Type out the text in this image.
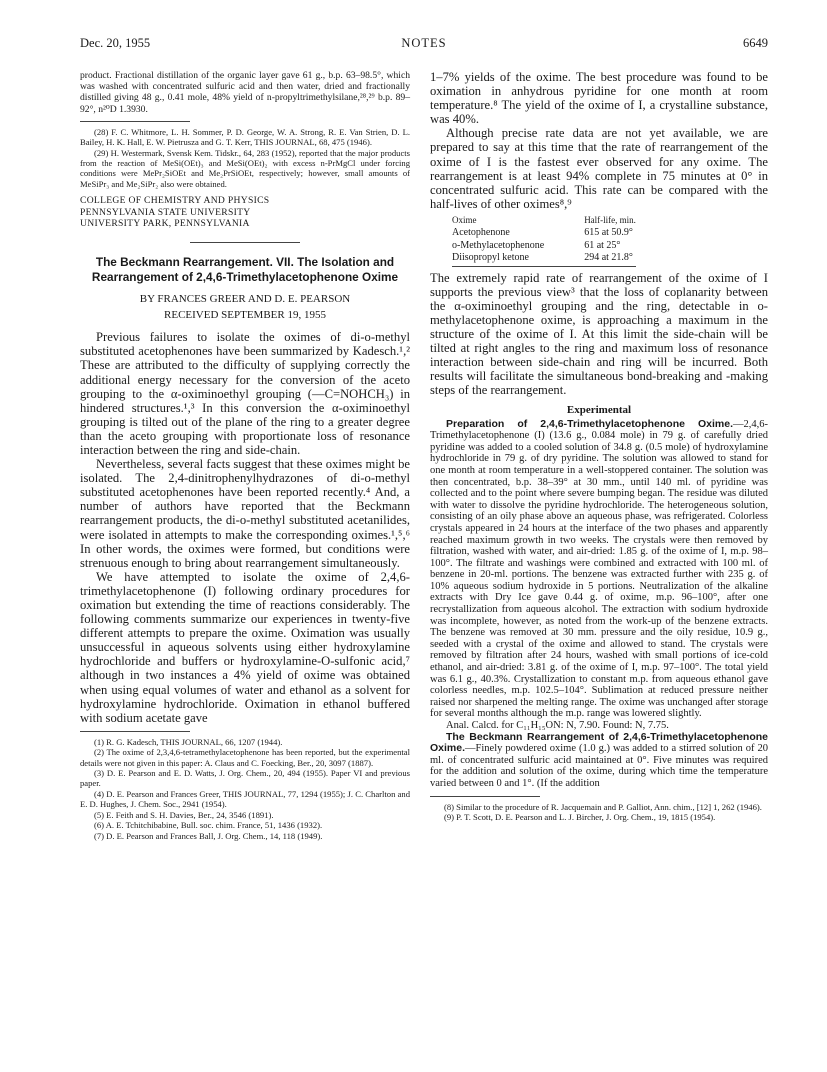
Dec. 20, 1955	NOTES	6649

product. Fractional distillation of the organic layer gave 61 g., b.p. 63–98.5°, which was washed with concentrated sulfuric acid and then water, dried and fractionally distilled giving 48 g., 0.41 mole, 48% yield of n-propyltrimethylsilane,²⁸,²⁹ b.p. 89–92°, n²⁰D 1.3930.

(28) F. C. Whitmore, L. H. Sommer, P. D. George, W. A. Strong, R. E. Van Strien, D. L. Bailey, H. K. Hall, E. W. Pietrusza and G. T. Kerr, THIS JOURNAL, 68, 475 (1946).

(29) H. Westermark, Svensk Kem. Tidskr., 64, 283 (1952), reported that the major products from the reaction of MeSi(OEt)₃ and MeSi(OEt)₂ with excess n-PrMgCl under forcing conditions were MePr₂SiOEt and Me₂PrSiOEt, respectively; however, small amounts of MeSiPr₃ and Me₂SiPr₂ also were obtained.

COLLEGE OF CHEMISTRY AND PHYSICS
PENNSYLVANIA STATE UNIVERSITY
UNIVERSITY PARK, PENNSYLVANIA
The Beckmann Rearrangement. VII. The Isolation and Rearrangement of 2,4,6-Trimethylacetophenone Oxime
BY FRANCES GREER AND D. E. PEARSON
RECEIVED SEPTEMBER 19, 1955

Previous failures to isolate the oximes of di-o-methyl substituted acetophenones have been summarized by Kadesch.¹,² These are attributed to the difficulty of supplying correctly the additional energy necessary for the conversion of the aceto grouping to the α-oximinoethyl grouping (—C=NOHCH₃) in hindered structures.¹,³ In this conversion the α-oximinoethyl grouping is tilted out of the plane of the ring to a greater degree than the aceto grouping with proportionate loss of resonance interaction between the ring and side-chain.

Nevertheless, several facts suggest that these oximes might be isolated. The 2,4-dinitrophenylhydrazones of di-o-methyl substituted acetophenones have been reported recently.⁴ And, a number of authors have reported that the Beckmann rearrangement products, the di-o-methyl substituted acetanilides, were isolated in attempts to make the corresponding oximes.¹,⁵,⁶ In other words, the oximes were formed, but conditions were strenuous enough to bring about rearrangement simultaneously.

We have attempted to isolate the oxime of 2,4,6-trimethylacetophenone (I) following ordinary procedures for oximation but extending the time of reactions considerably. The following comments summarize our experiences in twenty-five different attempts to prepare the oxime. Oximation was usually unsuccessful in aqueous solvents using either hydroxylamine hydrochloride and buffers or hydroxylamine-O-sulfonic acid,⁷ although in two instances a 4% yield of oxime was obtained when using equal volumes of water and ethanol as a solvent for hydroxylamine hydrochloride. Oximation in ethanol buffered with sodium acetate gave

(1) R. G. Kadesch, THIS JOURNAL, 66, 1207 (1944).

(2) The oxime of 2,3,4,6-tetramethylacetophenone has been reported, but the experimental details were not given in this paper: A. Claus and C. Foecking, Ber., 20, 3097 (1887).

(3) D. E. Pearson and E. D. Watts, J. Org. Chem., 20, 494 (1955). Paper VI and previous paper.

(4) D. E. Pearson and Frances Greer, THIS JOURNAL, 77, 1294 (1955); J. C. Charlton and E. D. Hughes, J. Chem. Soc., 2941 (1954).

(5) E. Feith and S. H. Davies, Ber., 24, 3546 (1891).

(6) A. E. Tchitchibabine, Bull. soc. chim. France, 51, 1436 (1932).

(7) D. E. Pearson and Frances Ball, J. Org. Chem., 14, 118 (1949).

1–7% yields of the oxime. The best procedure was found to be oximation in anhydrous pyridine for one month at room temperature.⁸ The yield of the oxime of I, a crystalline substance, was 40%.

Although precise rate data are not yet available, we are prepared to say at this time that the rate of rearrangement of the oxime of I is the fastest ever observed for any oxime. The rearrangement is at least 94% complete in 75 minutes at 0° in concentrated sulfuric acid. This rate can be compared with the half-lives of other oximes⁸,⁹

Oxime	Half-life, min.
Acetophenone	615 at 50.9°
o-Methylacetophenone	61 at 25°
Diisopropyl ketone	294 at 21.8°

The extremely rapid rate of rearrangement of the oxime of I supports the previous view³ that the loss of coplanarity between the α-oximinoethyl grouping and the ring, detectable in o-methylacetophenone oxime, is approaching a maximum in the structure of the oxime of I. At this limit the side-chain will be tilted at right angles to the ring and maximum loss of resonance interaction between side-chain and ring will be incurred. Both results will facilitate the simultaneous bond-breaking and -making steps of the rearrangement.

Experimental

Preparation of 2,4,6-Trimethylacetophenone Oxime.—2,4,6-Trimethylacetophenone (I) (13.6 g., 0.084 mole) in 79 g. of carefully dried pyridine was added to a cooled solution of 34.8 g. (0.5 mole) of hydroxylamine hydrochloride in 79 g. of dry pyridine. The solution was allowed to stand for one month at room temperature in a well-stoppered container. The solution was then concentrated, b.p. 38–39° at 30 mm., until 140 ml. of pyridine was collected and to the point where severe bumping began. The residue was diluted with water to dissolve the pyridine hydrochloride. The heterogeneous solution, consisting of an oily phase above an aqueous phase, was refrigerated. Colorless crystals appeared in 24 hours at the interface of the two phases and apparently reached maximum growth in two weeks. The crystals were then removed by filtration, washed with water, and air-dried: 1.85 g. of the oxime of I, m.p. 98–100°. The filtrate and washings were combined and extracted with 100 ml. of benzene in 20-ml. portions. The benzene was extracted further with 235 g. of 10% aqueous sodium hydroxide in 5 portions. Neutralization of the alkaline extracts with Dry Ice gave 0.44 g. of oxime, m.p. 96–100°, after one recrystallization from aqueous alcohol. The extraction with sodium hydroxide was incomplete, however, as noted from the work-up of the benzene extracts. The benzene was removed at 30 mm. pressure and the oily residue, 10.9 g., seeded with a crystal of the oxime and allowed to stand. The crystals were removed by filtration after 24 hours, washed with small portions of ice-cold ethanol, and air-dried: 3.81 g. of the oxime of I, m.p. 97–100°. The total yield was 6.1 g., 40.3%. Crystallization to constant m.p. from aqueous ethanol gave colorless needles, m.p. 102.5–104°. Sublimation at reduced pressure neither raised nor sharpened the melting range. The oxime was unchanged after storage for several months although the m.p. range was lowered slightly.

Anal. Calcd. for C₁₁H₁₅ON: N, 7.90. Found: N, 7.75.

The Beckmann Rearrangement of 2,4,6-Trimethylacetophenone Oxime.—Finely powdered oxime (1.0 g.) was added to a stirred solution of 20 ml. of concentrated sulfuric acid maintained at 0°. Five minutes was required for the addition and solution of the oxime, during which time the temperature varied between 0 and 1°. (If the addition

(8) Similar to the procedure of R. Jacquemain and P. Galliot, Ann. chim., [12] 1, 262 (1946).

(9) P. T. Scott, D. E. Pearson and L. J. Bircher, J. Org. Chem., 19, 1815 (1954).
